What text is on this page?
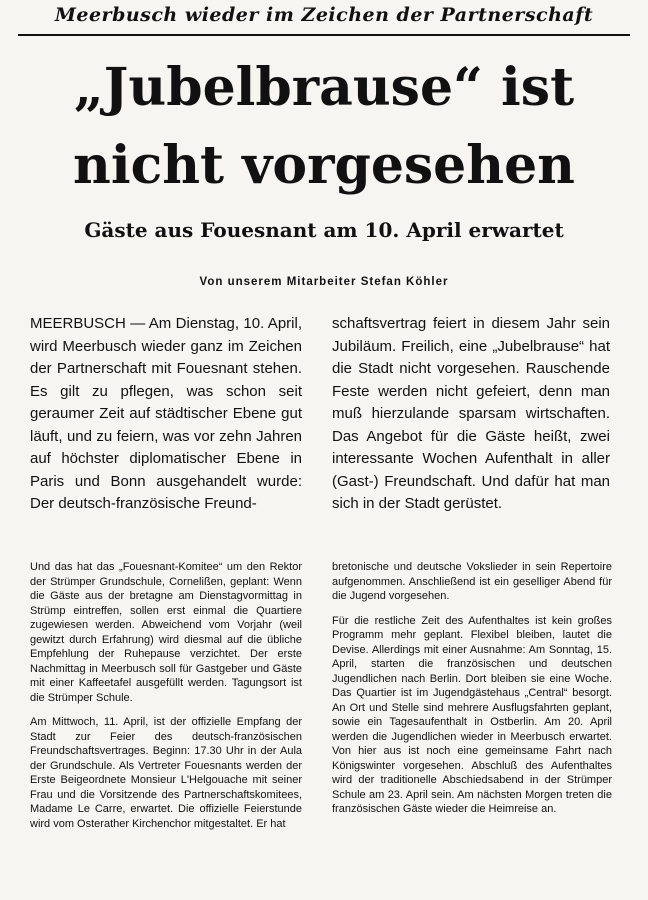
Meerbusch wieder im Zeichen der Partnerschaft
„Jubelbrause“ ist
nicht vorgesehen
Gäste aus Fouesnant am 10. April erwartet
Von unserem Mitarbeiter Stefan Köhler

MEERBUSCH — Am Dienstag, 10. April, wird Meerbusch wieder ganz im Zeichen der Partnerschaft mit Fouesnant stehen. Es gilt zu pflegen, was schon seit geraumer Zeit auf städtischer Ebene gut läuft, und zu feiern, was vor zehn Jahren auf höchster diplomatischer Ebene in Paris und Bonn ausgehandelt wurde: Der deutsch-französische Freund-

schaftsvertrag feiert in diesem Jahr sein Jubiläum. Freilich, eine „Jubelbrause“ hat die Stadt nicht vorgesehen. Rauschende Feste werden nicht gefeiert, denn man muß hierzulande sparsam wirtschaften. Das Angebot für die Gäste heißt, zwei interessante Wochen Aufenthalt in aller (Gast-) Freundschaft. Und dafür hat man sich in der Stadt gerüstet.

Und das hat das „Fouesnant-Komitee“ um den Rektor der Strümper Grundschule, Cornelißen, geplant: Wenn die Gäste aus der bretagne am Dienstagvormittag in Strümp eintreffen, sollen erst einmal die Quartiere zugewiesen werden. Abweichend vom Vorjahr (weil gewitzt durch Erfahrung) wird diesmal auf die übliche Empfehlung der Ruhepause verzichtet. Der erste Nachmittag in Meerbusch soll für Gastgeber und Gäste mit einer Kaffeetafel ausgefüllt werden. Tagungsort ist die Strümper Schule.

Am Mittwoch, 11. April, ist der offizielle Empfang der Stadt zur Feier des deutsch-französischen Freundschaftsvertrages. Beginn: 17.30 Uhr in der Aula der Grundschule. Als Vertreter Fouesnants werden der Erste Beigeordnete Monsieur L'Helgouache mit seiner Frau und die Vorsitzende des Partnerschaftskomitees, Madame Le Carre, erwartet. Die offizielle Feierstunde wird vom Osterather Kirchenchor mitgestaltet. Er hat

bretonische und deutsche Vokslieder in sein Repertoire aufgenommen. Anschließend ist ein geselliger Abend für die Jugend vorgesehen.

Für die restliche Zeit des Aufenthaltes ist kein großes Programm mehr geplant. Flexibel bleiben, lautet die Devise. Allerdings mit einer Ausnahme: Am Sonntag, 15. April, starten die französischen und deutschen Jugendlichen nach Berlin. Dort bleiben sie eine Woche. Das Quartier ist im Jugendgästehaus „Central“ besorgt. An Ort und Stelle sind mehrere Ausflugsfahrten geplant, sowie ein Tagesaufenthalt in Ostberlin. Am 20. April werden die Jugendlichen wieder in Meerbusch erwartet. Von hier aus ist noch eine gemeinsame Fahrt nach Königswinter vorgesehen. Abschluß des Aufenthaltes wird der traditionelle Abschiedsabend in der Strümper Schule am 23. April sein. Am nächsten Morgen treten die französischen Gäste wieder die Heimreise an.
